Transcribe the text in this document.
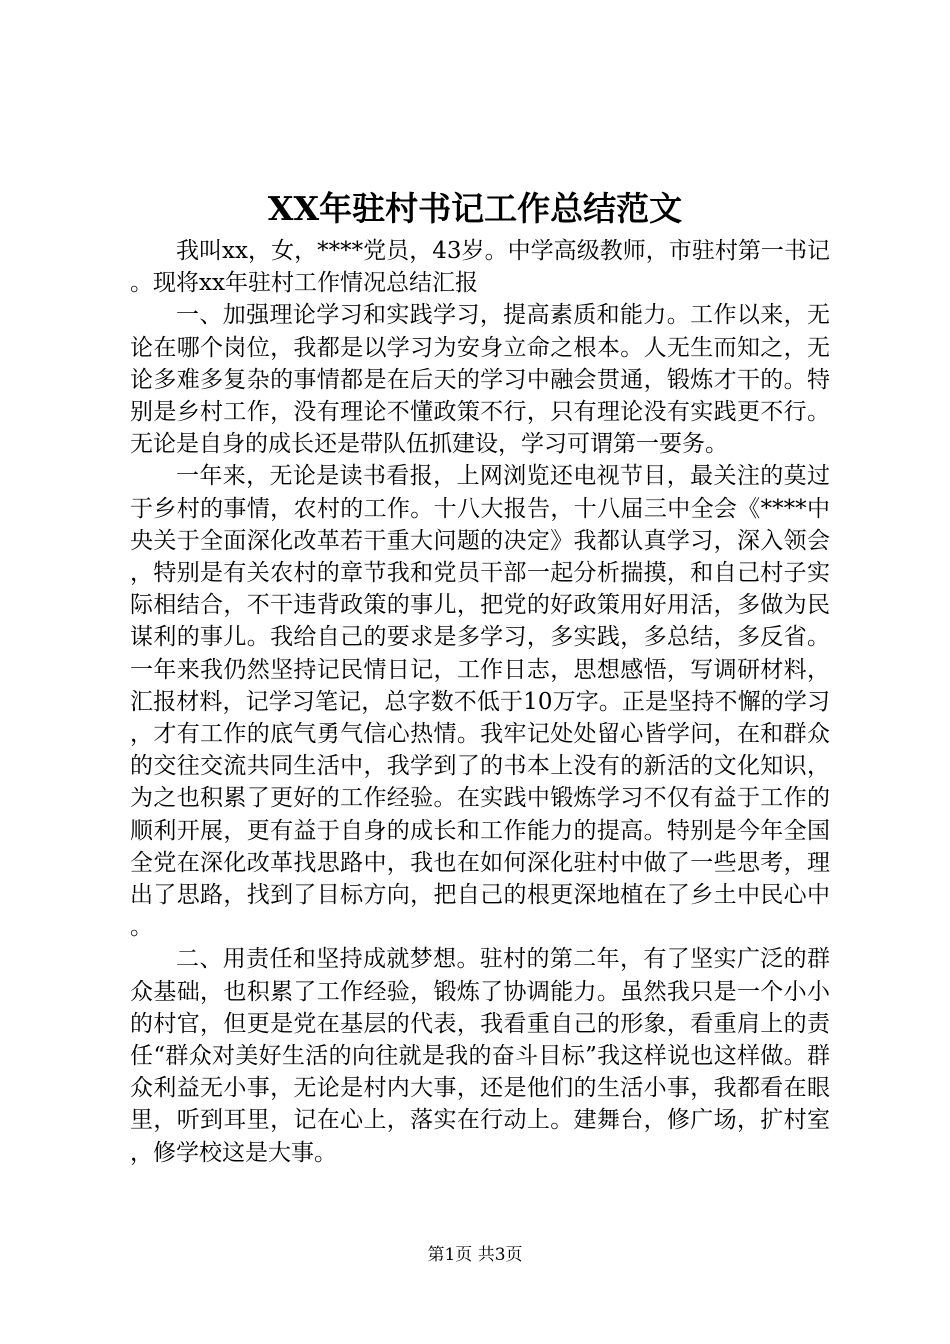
XX年驻村书记工作总结范文

我叫xx，女，****党员，43岁。中学高级教师，市驻村第一书记。现将xx年驻村工作情况总结汇报

一、加强理论学习和实践学习，提高素质和能力。工作以来，无论在哪个岗位，我都是以学习为安身立命之根本。人无生而知之，无论多难多复杂的事情都是在后天的学习中融会贯通，锻炼才干的。特别是乡村工作，没有理论不懂政策不行，只有理论没有实践更不行。无论是自身的成长还是带队伍抓建设，学习可谓第一要务。

一年来，无论是读书看报，上网浏览还电视节目，最关注的莫过于乡村的事情，农村的工作。十八大报告，十八届三中全会《****中央关于全面深化改革若干重大问题的决定》我都认真学习，深入领会，特别是有关农村的章节我和党员干部一起分析揣摸，和自己村子实际相结合，不干违背政策的事儿，把党的好政策用好用活，多做为民谋利的事儿。我给自己的要求是多学习，多实践，多总结，多反省。一年来我仍然坚持记民情日记，工作日志，思想感悟，写调研材料，汇报材料，记学习笔记，总字数不低于10万字。正是坚持不懈的学习，才有工作的底气勇气信心热情。我牢记处处留心皆学问，在和群众的交往交流共同生活中，我学到了的书本上没有的新活的文化知识，为之也积累了更好的工作经验。在实践中锻炼学习不仅有益于工作的顺利开展，更有益于自身的成长和工作能力的提高。特别是今年全国全党在深化改革找思路中，我也在如何深化驻村中做了一些思考，理出了思路，找到了目标方向，把自己的根更深地植在了乡土中民心中。

二、用责任和坚持成就梦想。驻村的第二年，有了坚实广泛的群众基础，也积累了工作经验，锻炼了协调能力。虽然我只是一个小小的村官，但更是党在基层的代表，我看重自己的形象，看重肩上的责任“群众对美好生活的向往就是我的奋斗目标”我这样说也这样做。群众利益无小事，无论是村内大事，还是他们的生活小事，我都看在眼里，听到耳里，记在心上，落实在行动上。建舞台，修广场，扩村室，修学校这是大事。

第1页 共3页
